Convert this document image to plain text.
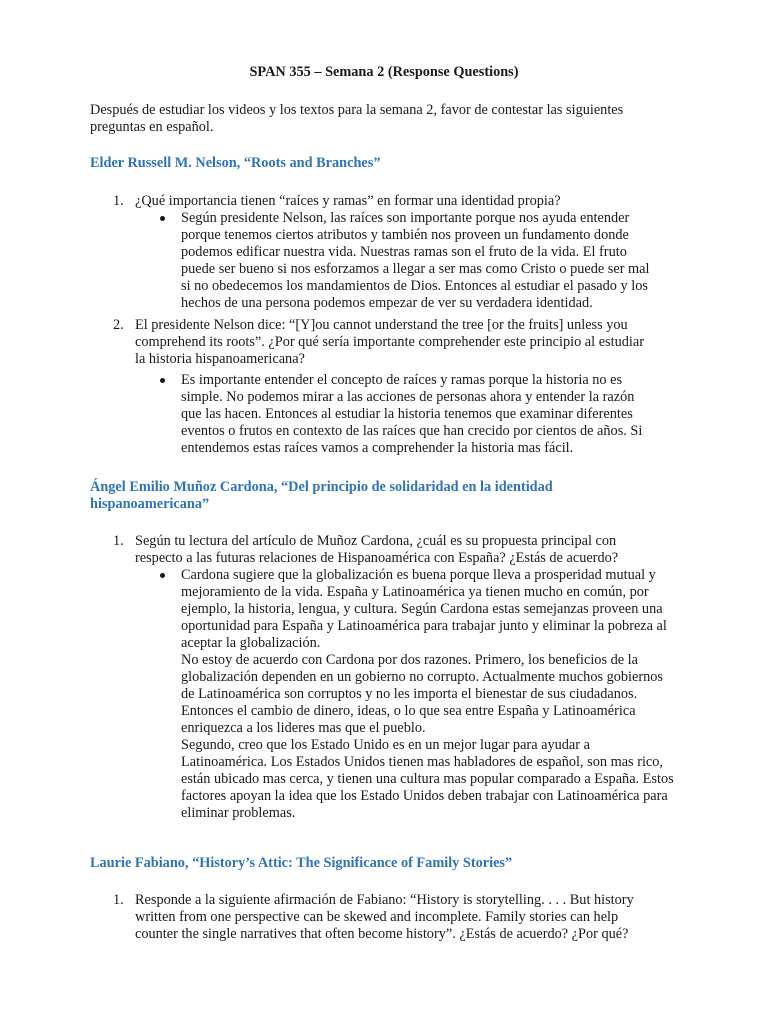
SPAN 355 – Semana 2 (Response Questions)
Después de estudiar los videos y los textos para la semana 2, favor de contestar las siguientes
preguntas en español.
Elder Russell M. Nelson, “Roots and Branches”
1. ¿Qué importancia tienen “raíces y ramas” en formar una identidad propia?
Según presidente Nelson, las raíces son importante porque nos ayuda entender
porque tenemos ciertos atributos y también nos proveen un fundamento donde
podemos edificar nuestra vida. Nuestras ramas son el fruto de la vida. El fruto
puede ser bueno si nos esforzamos a llegar a ser mas como Cristo o puede ser mal
si no obedecemos los mandamientos de Dios. Entonces al estudiar el pasado y los
hechos de una persona podemos empezar de ver su verdadera identidad.
2. El presidente Nelson dice: “[Y]ou cannot understand the tree [or the fruits] unless you
comprehend its roots”. ¿Por qué sería importante comprehender este principio al estudiar
la historia hispanoamericana?
Es importante entender el concepto de raíces y ramas porque la historia no es
simple. No podemos mirar a las acciones de personas ahora y entender la razón
que las hacen. Entonces al estudiar la historia tenemos que examinar diferentes
eventos o frutos en contexto de las raíces que han crecido por cientos de años. Si
entendemos estas raíces vamos a comprehender la historia mas fácil.
Ángel Emilio Muñoz Cardona, “Del principio de solidaridad en la identidad
hispanoamericana”
1. Según tu lectura del artículo de Muñoz Cardona, ¿cuál es su propuesta principal con
respecto a las futuras relaciones de Hispanoamérica con España? ¿Estás de acuerdo?
Cardona sugiere que la globalización es buena porque lleva a prosperidad mutual y
mejoramiento de la vida. España y Latinoamérica ya tienen mucho en común, por
ejemplo, la historia, lengua, y cultura. Según Cardona estas semejanzas proveen una
oportunidad para España y Latinoamérica para trabajar junto y eliminar la pobreza al
aceptar la globalización.
No estoy de acuerdo con Cardona por dos razones. Primero, los beneficios de la
globalización dependen en un gobierno no corrupto. Actualmente muchos gobiernos
de Latinoamérica son corruptos y no les importa el bienestar de sus ciudadanos.
Entonces el cambio de dinero, ideas, o lo que sea entre España y Latinoamérica
enriquezca a los lideres mas que el pueblo.
Segundo, creo que los Estado Unido es en un mejor lugar para ayudar a
Latinoamérica. Los Estados Unidos tienen mas habladores de español, son mas rico,
están ubicado mas cerca, y tienen una cultura mas popular comparado a España. Estos
factores apoyan la idea que los Estado Unidos deben trabajar con Latinoamérica para
eliminar problemas.
Laurie Fabiano, “History’s Attic: The Significance of Family Stories”
1. Responde a la siguiente afirmación de Fabiano: “History is storytelling. . . . But history
written from one perspective can be skewed and incomplete. Family stories can help
counter the single narratives that often become history”. ¿Estás de acuerdo? ¿Por qué?
